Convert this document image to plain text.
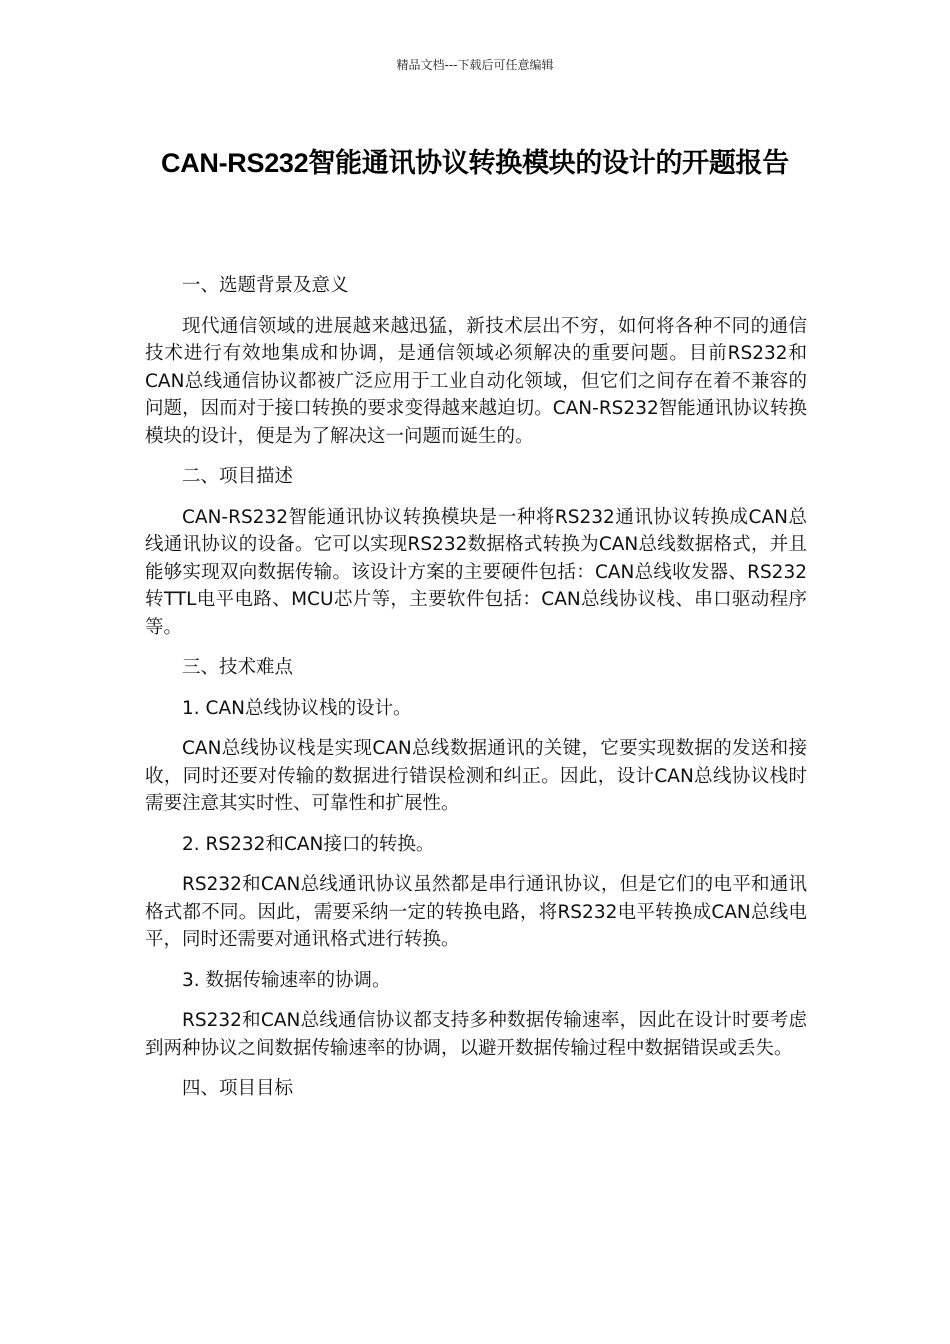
精品文档---下载后可任意编辑
CAN-RS232智能通讯协议转换模块的设计的开题报告

一、选题背景及意义

现代通信领域的进展越来越迅猛，新技术层出不穷，如何将各种不同的通信技术进行有效地集成和协调，是通信领域必须解决的重要问题。目前RS232和CAN总线通信协议都被广泛应用于工业自动化领域，但它们之间存在着不兼容的问题，因而对于接口转换的要求变得越来越迫切。CAN-RS232智能通讯协议转换模块的设计，便是为了解决这一问题而诞生的。

二、项目描述

CAN-RS232智能通讯协议转换模块是一种将RS232通讯协议转换成CAN总线通讯协议的设备。它可以实现RS232数据格式转换为CAN总线数据格式，并且能够实现双向数据传输。该设计方案的主要硬件包括：CAN总线收发器、RS232转TTL电平电路、MCU芯片等，主要软件包括：CAN总线协议栈、串口驱动程序等。

三、技术难点

1. CAN总线协议栈的设计。

CAN总线协议栈是实现CAN总线数据通讯的关键，它要实现数据的发送和接收，同时还要对传输的数据进行错误检测和纠正。因此，设计CAN总线协议栈时需要注意其实时性、可靠性和扩展性。

2. RS232和CAN接口的转换。

RS232和CAN总线通讯协议虽然都是串行通讯协议，但是它们的电平和通讯格式都不同。因此，需要采纳一定的转换电路，将RS232电平转换成CAN总线电平，同时还需要对通讯格式进行转换。

3. 数据传输速率的协调。

RS232和CAN总线通信协议都支持多种数据传输速率，因此在设计时要考虑到两种协议之间数据传输速率的协调，以避开数据传输过程中数据错误或丢失。

四、项目目标
